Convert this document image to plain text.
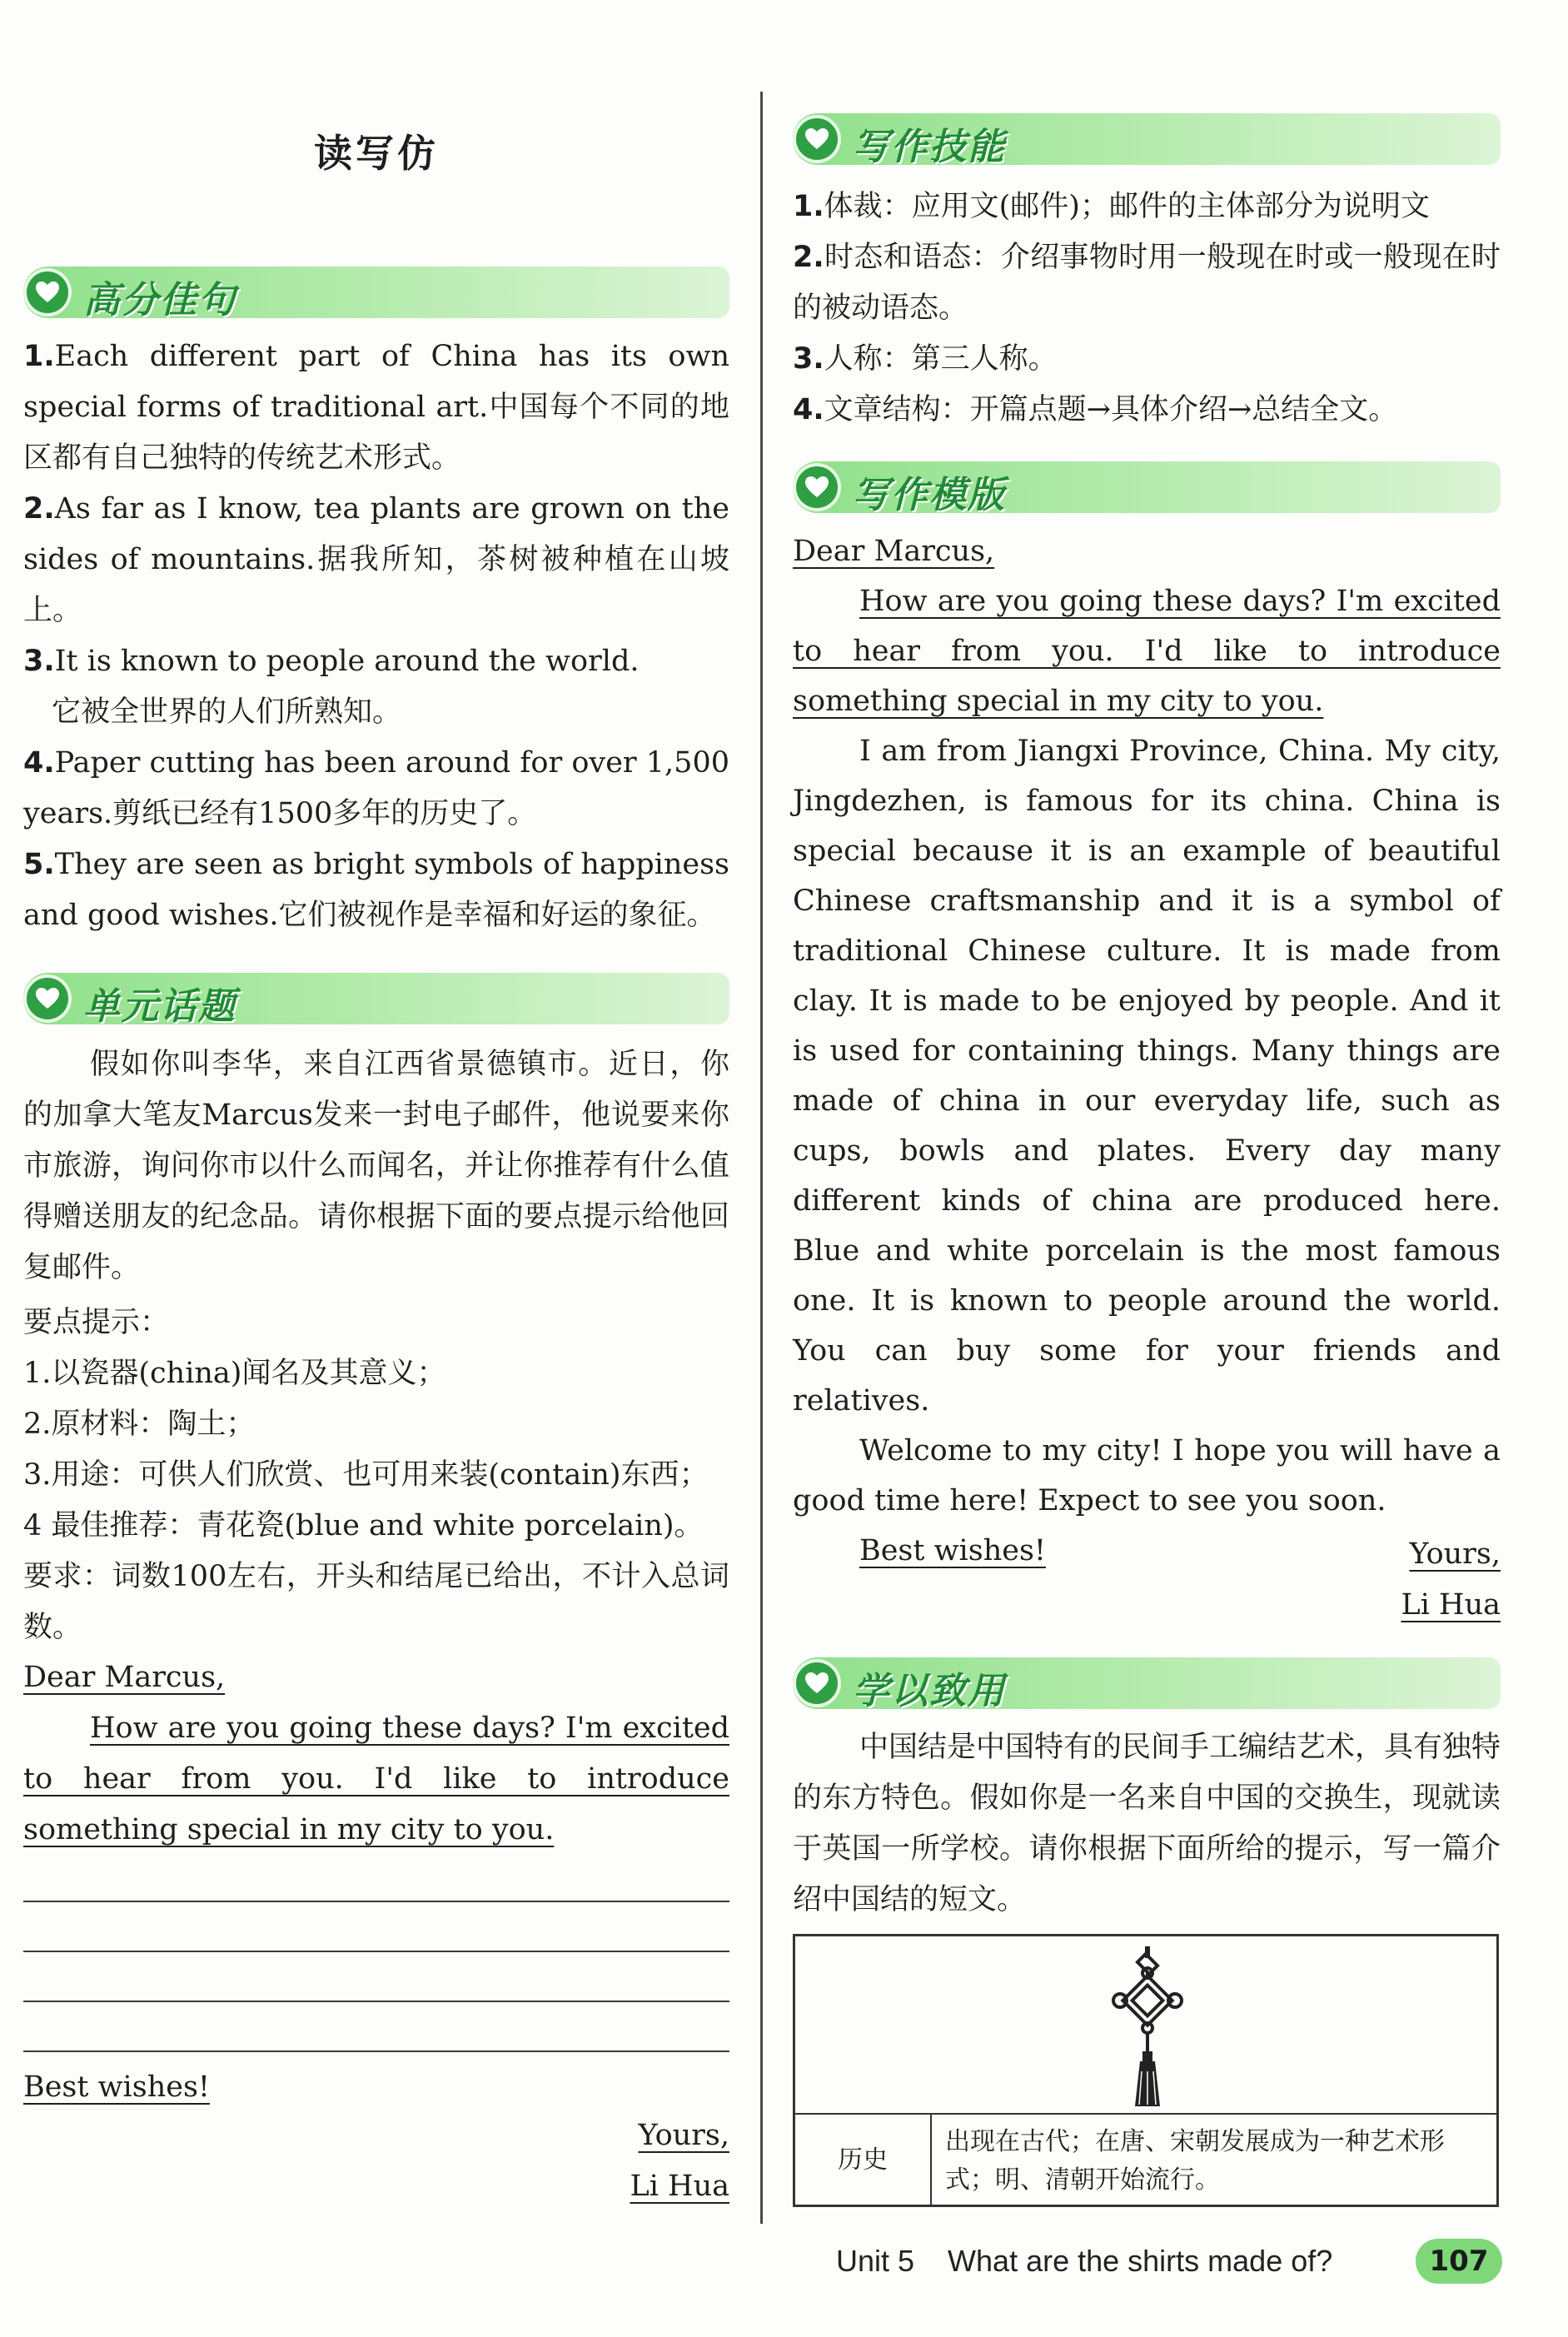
读写仿
高分佳句
1.Each different part of China has its own special forms of traditional art.中国每个不同的地区都有自己独特的传统艺术形式。
2.As far as I know, tea plants are grown on the sides of mountains.据我所知，茶树被种植在山坡上。
3.It is known to people around the world.
它被全世界的人们所熟知。
4.Paper cutting has been around for over 1,500 years.剪纸已经有1500多年的历史了。
5.They are seen as bright symbols of happiness and good wishes.它们被视作是幸福和好运的象征。
单元话题
假如你叫李华，来自江西省景德镇市。近日，你的加拿大笔友Marcus发来一封电子邮件，他说要来你市旅游，询问你市以什么而闻名，并让你推荐有什么值得赠送朋友的纪念品。请你根据下面的要点提示给他回复邮件。
要点提示：
1.以瓷器(china)闻名及其意义；
2.原材料：陶土；
3.用途：可供人们欣赏、也可用来装(contain)东西；
4 最佳推荐：青花瓷(blue and white porcelain)。
要求：词数100左右，开头和结尾已给出，不计入总词数。
Dear Marcus,
How are you going these days? I'm excited to hear from you. I'd like to introduce something special in my city to you.
Best wishes!
Yours,
Li Hua
写作技能
1.体裁：应用文(邮件)；邮件的主体部分为说明文
2.时态和语态：介绍事物时用一般现在时或一般现在时的被动语态。
3.人称：第三人称。
4.文章结构：开篇点题→具体介绍→总结全文。
写作模版
Dear Marcus,
How are you going these days? I'm excited to hear from you. I'd like to introduce something special in my city to you.
I am from Jiangxi Province, China. My city, Jingdezhen, is famous for its china. China is special because it is an example of beautiful Chinese craftsmanship and it is a symbol of traditional Chinese culture. It is made from clay. It is made to be enjoyed by people. And it is used for containing things. Many things are made of china in our everyday life, such as cups, bowls and plates. Every day many different kinds of china are produced here. Blue and white porcelain is the most famous one. It is known to people around the world. You can buy some for your friends and relatives.
Welcome to my city! I hope you will have a good time here! Expect to see you soon.
Best wishes!	Yours,
Li Hua
学以致用
中国结是中国特有的民间手工编结艺术，具有独特的东方特色。假如你是一名来自中国的交换生，现就读于英国一所学校。请你根据下面所给的提示，写一篇介绍中国结的短文。
历史
出现在古代；在唐、宋朝发展成为一种艺术形式；明、清朝开始流行。
Unit 5 What are the shirts made of?	107
